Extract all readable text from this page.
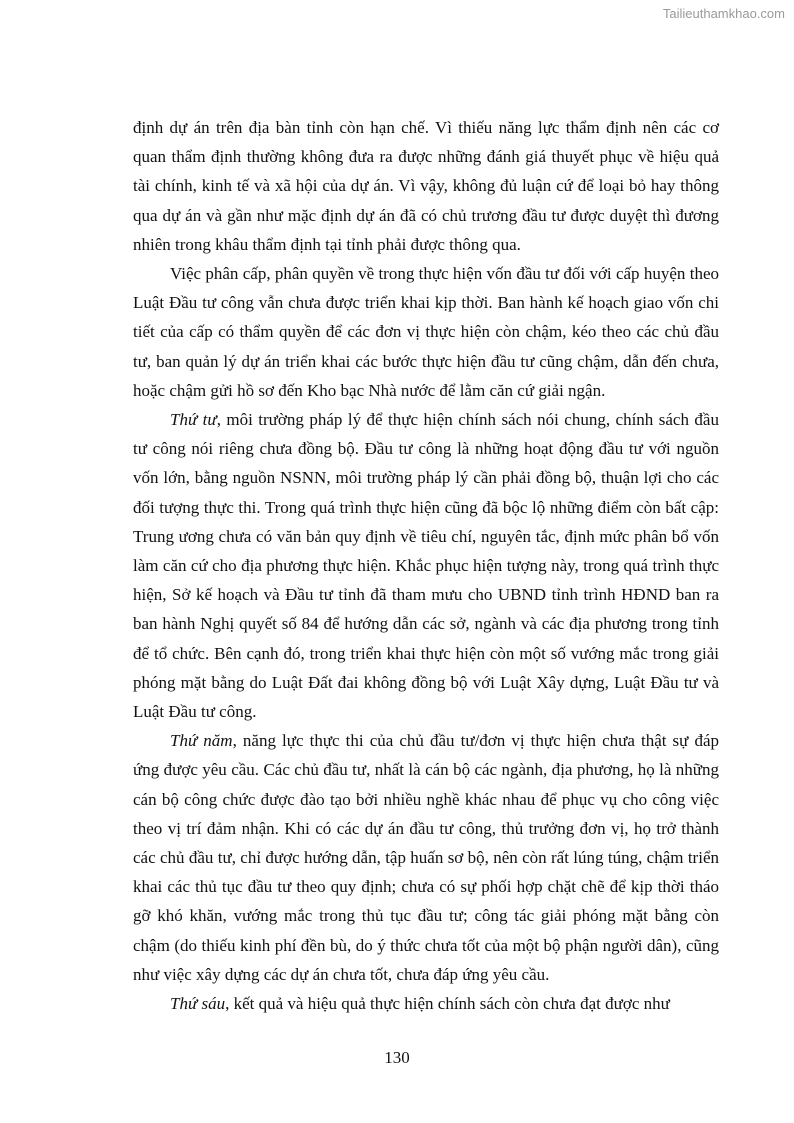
Tailieuthamkhao.com

định dự án trên địa bàn tỉnh còn hạn chế. Vì thiếu năng lực thẩm định nên các cơ quan thẩm định thường không đưa ra được những đánh giá thuyết phục về hiệu quả tài chính, kinh tế và xã hội của dự án. Vì vậy, không đủ luận cứ để loại bỏ hay thông qua dự án và gần như mặc định dự án đã có chủ trương đầu tư được duyệt thì đương nhiên trong khâu thẩm định tại tỉnh phải được thông qua.

Việc phân cấp, phân quyền về trong thực hiện vốn đầu tư đối với cấp huyện theo Luật Đầu tư công vẫn chưa được triển khai kịp thời. Ban hành kế hoạch giao vốn chi tiết của cấp có thẩm quyền để các đơn vị thực hiện còn chậm, kéo theo các chủ đầu tư, ban quản lý dự án triển khai các bước thực hiện đầu tư cũng chậm, dẫn đến chưa, hoặc chậm gửi hồ sơ đến Kho bạc Nhà nước để lằm căn cứ giải ngận.

Thứ tư, môi trường pháp lý để thực hiện chính sách nói chung, chính sách đầu tư công nói riêng chưa đồng bộ. Đầu tư công là những hoạt động đầu tư với nguồn vốn lớn, bằng nguồn NSNN, môi trường pháp lý cần phải đồng bộ, thuận lợi cho các đối tượng thực thi. Trong quá trình thực hiện cũng đã bộc lộ những điểm còn bất cập: Trung ương chưa có văn bản quy định về tiêu chí, nguyên tắc, định mức phân bổ vốn làm căn cứ cho địa phương thực hiện. Khắc phục hiện tượng này, trong quá trình thực hiện, Sở kế hoạch và Đầu tư tỉnh đã tham mưu cho UBND tỉnh trình HĐND ban ra ban hành Nghị quyết số 84 để hướng dẫn các sở, ngành và các địa phương trong tỉnh để tổ chức. Bên cạnh đó, trong triển khai thực hiện còn một số vướng mắc trong giải phóng mặt bằng do Luật Đất đai không đồng bộ với Luật Xây dựng, Luật Đầu tư và Luật Đầu tư công.

Thứ năm, năng lực thực thi của chủ đầu tư/đơn vị thực hiện chưa thật sự đáp ứng được yêu cầu. Các chủ đầu tư, nhất là cán bộ các ngành, địa phương, họ là những cán bộ công chức được đào tạo bởi nhiều nghề khác nhau để phục vụ cho công việc theo vị trí đảm nhận. Khi có các dự án đầu tư công, thủ trưởng đơn vị, họ trở thành các chủ đầu tư, chỉ được hướng dẫn, tập huấn sơ bộ, nên còn rất lúng túng, chậm triển khai các thủ tục đầu tư theo quy định; chưa có sự phối hợp chặt chẽ để kịp thời tháo gỡ khó khăn, vướng mắc trong thủ tục đầu tư; công tác giải phóng mặt bằng còn chậm (do thiếu kinh phí đền bù, do ý thức chưa tốt của một bộ phận người dân), cũng như việc xây dựng các dự án chưa tốt, chưa đáp ứng yêu cầu.

Thứ sáu, kết quả và hiệu quả thực hiện chính sách còn chưa đạt được như

130
